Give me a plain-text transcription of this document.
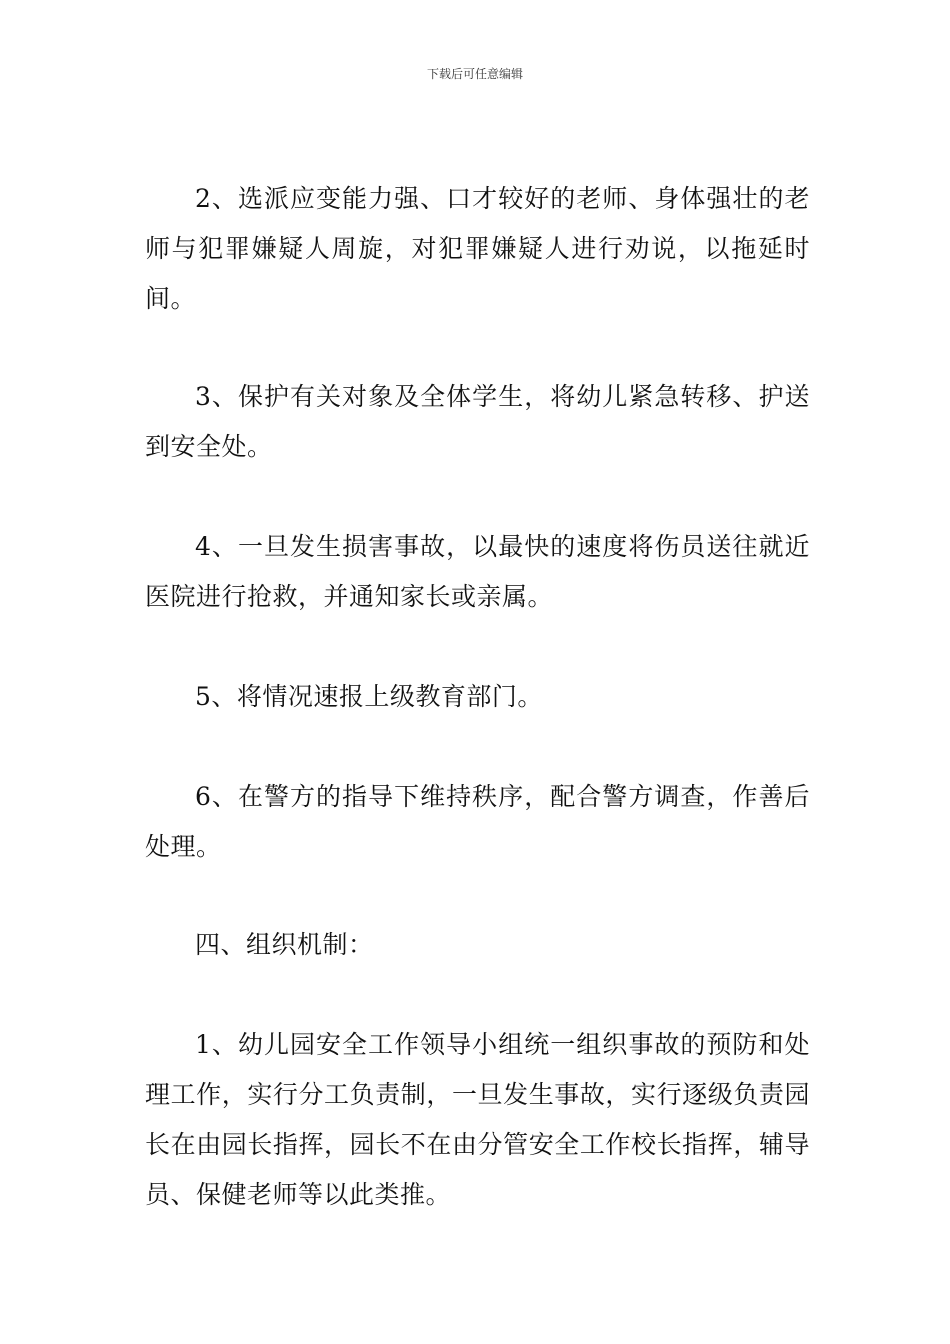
下载后可任意编辑

2、选派应变能力强、口才较好的老师、身体强壮的老师与犯罪嫌疑人周旋，对犯罪嫌疑人进行劝说，以拖延时间。

3、保护有关对象及全体学生，将幼儿紧急转移、护送到安全处。

4、一旦发生损害事故，以最快的速度将伤员送往就近医院进行抢救，并通知家长或亲属。

5、将情况速报上级教育部门。

6、在警方的指导下维持秩序，配合警方调查，作善后处理。

四、组织机制：

1、幼儿园安全工作领导小组统一组织事故的预防和处理工作，实行分工负责制，一旦发生事故，实行逐级负责园长在由园长指挥，园长不在由分管安全工作校长指挥，辅导员、保健老师等以此类推。
